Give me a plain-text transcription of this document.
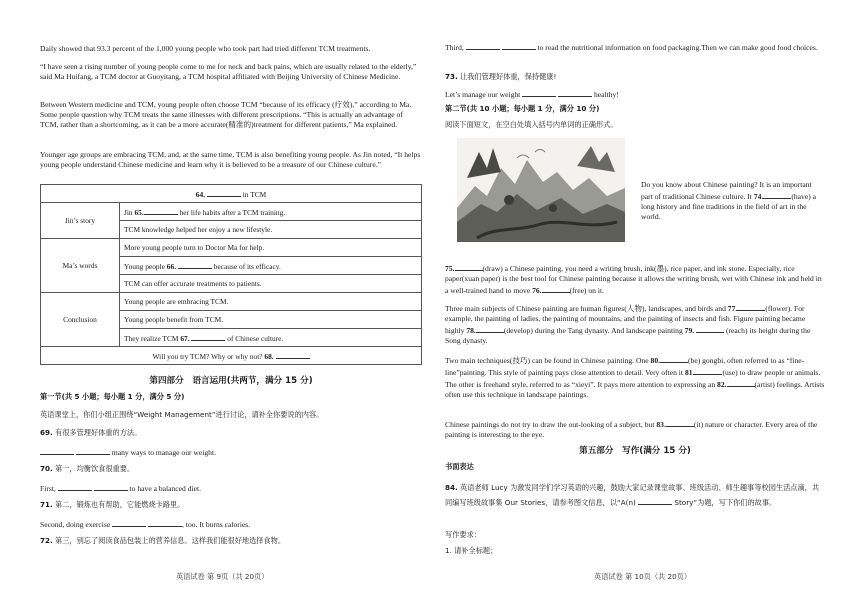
Daily showed that 93.3 percent of the 1,000 young people who took part had tried different TCM treatments.

“I have seen a rising number of young people come to me for neck and back pains, which are usually related to the elderly,” said Ma Huifang, a TCM doctor at Guoyitang, a TCM hospital affiliated with Beijing University of Chinese Medicine.

Between Western medicine and TCM, young people often choose TCM “because of its efficacy (疗效),” according to Ma. Some people question why TCM treats the same illnesses with different prescriptions. “This is actually an advantage of TCM, rather than a shortcoming, as it can be a more accurate(精准的)treatment for different patients,” Ma explained.

Younger age groups are embracing TCM, and, at the same time, TCM is also benefiting young people. As Jin noted, “It helps young people understand Chinese medicine and learn why it is believed to be a treasure of our Chinese culture.”

64. in TCM	
Jin’s story	Jin 65. her life habits after a TCM training.
	TCM knowledge helped her enjoy a new lifestyle.
Ma’s words	More young people turn to Doctor Ma for help.
	Young people 66. because of its efficacy.
	TCM can offer accurate treatments to patients.
Conclusion	Young people are embracing TCM.
	Young people benefit from TCM.
	They realize TCM 67. of Chinese culture.
Will you try TCM? Why or why not? 68.	
第四部分　语言运用(共两节，满分 15 分)

第一节(共 5 小题；每小题 1 分，满分 5 分)

英语课堂上，你们小组正围绕“Weight Management”进行讨论，请补全你要说的内容。

69. 有很多管理好体重的方法。

many ways to manage our weight.

70. 第一，均衡饮食很重要。

First,	to have a balanced diet.

71. 第二，锻炼也有帮助，它能燃烧卡路里。

Second, doing exercise	, too. It burns calories.

72. 第三，别忘了阅读食品包装上的营养信息。这样我们能很好地选择食物。

英语试卷 第 9页（共 20页）

Third,	to read the nutritional information on food packaging.Then we can make good food choices.

73. 让我们管理好体重，保持健康!

Let’s manage our weight	healthy!

第二节(共 10 小题；每小题 1 分，满分 10 分)

阅读下面短文，在空白处填入括号内单词的正确形式。

Do you know about Chinese painting? It is an important part of traditional Chinese culture. It 74.	(have) a long history and fine traditions in the field of art in the world.

75.	(draw) a Chinese painting, you need a writing brush, ink(墨), rice paper, and ink stone. Especially, rice paper(xuan paper) is the best tool for Chinese painting because it allows the writing brush, wet with Chinese ink and held in a well-trained hand to move 76.	(free) on it.

Three main subjects of Chinese painting are human figures(人物), landscapes, and birds and 77.	(flower). For example, the painting of ladies, the painting of mountains, and the painting of insects and fish. Figure painting became highly 78.	(develop) during the Tang dynasty. And landscape painting 79.	(reach) its height during the Song dynasty.

Two main techniques(技巧) can be found in Chinese painting. One 80.	(be) gongbi, often referred to as “fine-line”painting. This style of painting pays close attention to detail. Very often it 81.	(use) to draw people or animals. The other is freehand style, referred to as “xieyi”. It pays more attention to expressing an 82.	(artist) feelings. Artists often use this technique in landscape paintings.

Chinese paintings do not try to draw the out-looking of a subject, but 83.	(it) nature or character. Every area of the painting is interesting to the eye.

第五部分　写作(满分 15 分)

书面表达

84. 英语老师 Lucy 为激发同学们学习英语的兴趣，鼓励大家记录课堂故事、班级活动、师生趣事等校园生活点滴，共同编写班级故事集 Our Stories，请参考图文信息，以“A(n)	Story”为题，写下你们的故事。

写作要求：

1. 请补全标题；

英语试卷 第 10页（共 20页）
